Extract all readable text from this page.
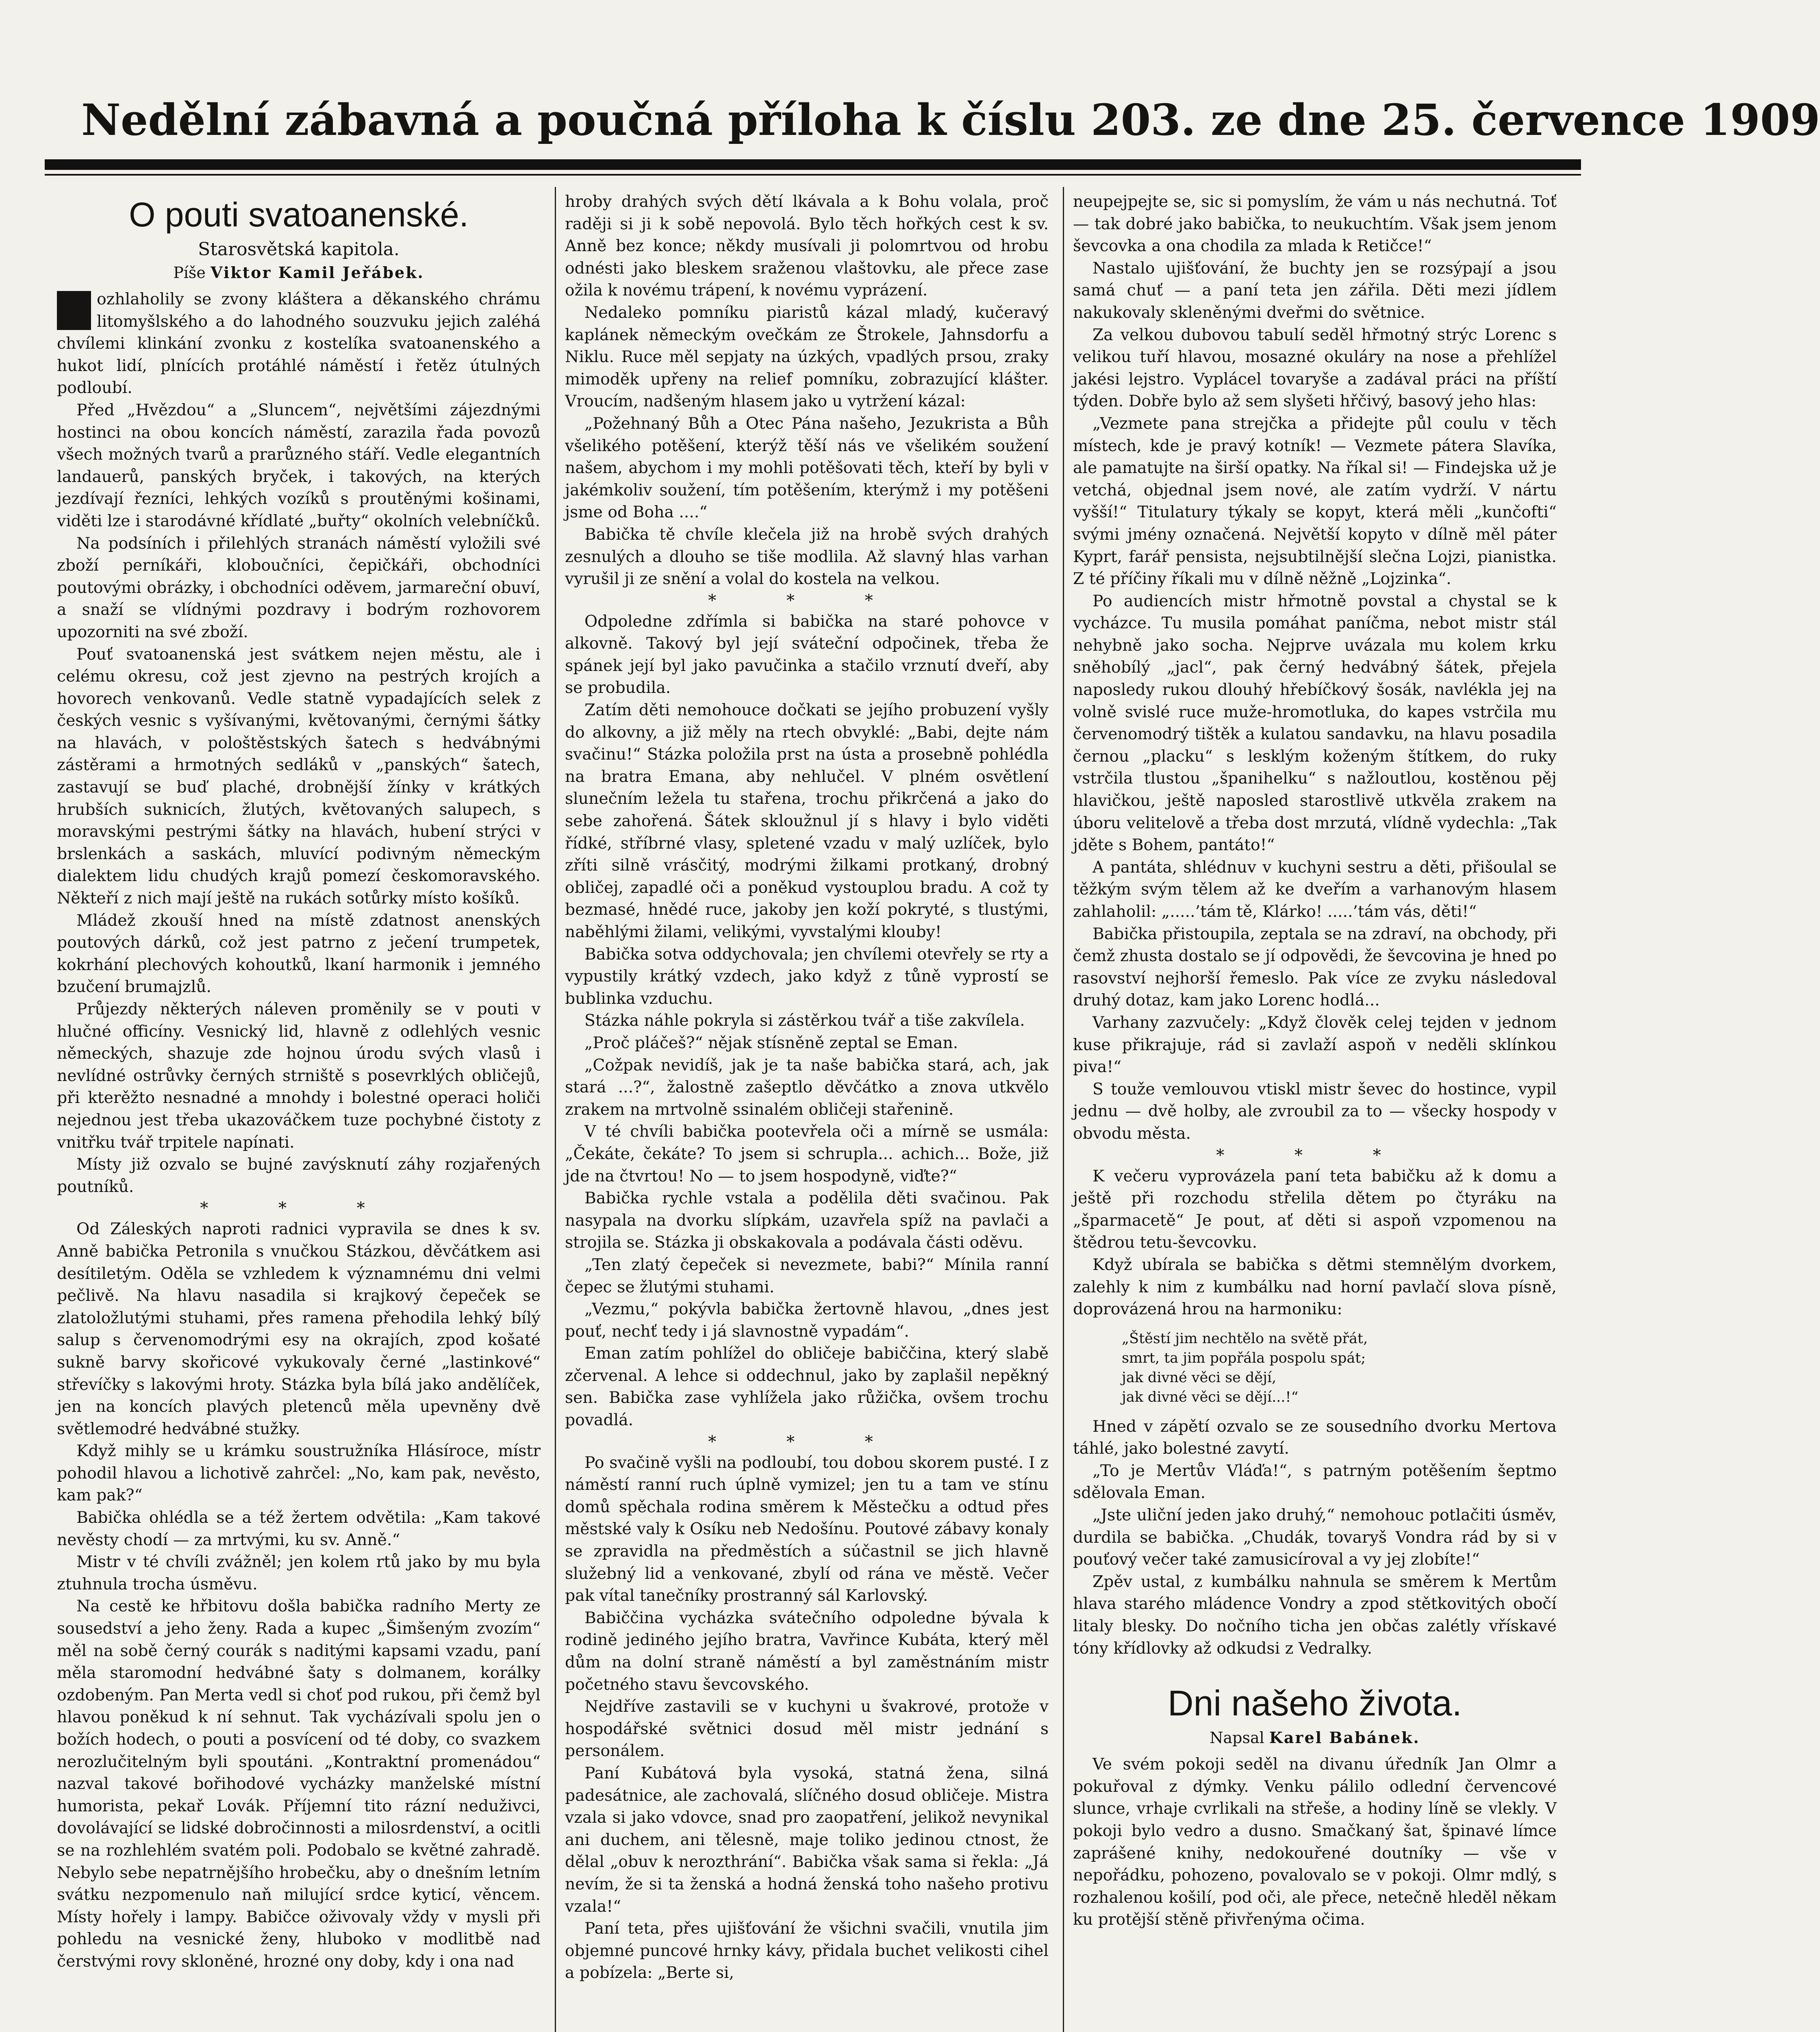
Nedělní zábavná a poučná příloha k číslu 203. ze dne 25. července 1909
O pouti svatoanenské.
Starosvětská kapitola.
Píše Viktor Kamil Jeřábek.

ozhlaholily se zvony kláštera a děkanského chrámu litomyšlského a do lahodného souzvuku jejich zaléhá chvílemi klinkání zvonku z kostelíka svatoanenského a hukot lidí, plnících protáhlé náměstí i řetěz útulných podloubí.

Před „Hvězdou“ a „Sluncem“, největšími zájezdnými hostinci na obou koncích náměstí, zarazila řada povozů všech možných tvarů a prarůzného stáří. Vedle elegantních landauerů, panských bryček, i takových, na kterých jezdívají řezníci, lehkých vozíků s proutěnými košinami, viděti lze i starodávné křídlaté „buřty“ okolních velebníčků.

Na podsíních i přilehlých stranách náměstí vyložili své zboží perníkáři, kloboučníci, čepičkáři, obchodníci poutovými obrázky, i obchodníci oděvem, jarmareční obuví, a snaží se vlídnými pozdravy i bodrým rozhovorem upozorniti na své zboží.

Pouť svatoanenská jest svátkem nejen městu, ale i celému okresu, což jest zjevno na pestrých krojích a hovorech venkovanů. Vedle statně vypadajících selek z českých vesnic s vyšívanými, květovanými, černými šátky na hlavách, v pološtěstských šatech s hedvábnými zástěrami a hrmotných sedláků v „panských“ šatech, zastavují se buď plaché, drobnější žínky v krátkých hrubších suknicích, žlutých, květovaných salupech, s moravskými pestrými šátky na hlavách, hubení strýci v brslenkách a saskách, mluvící podivným německým dialektem lidu chudých krajů pomezí českomoravského. Někteří z nich mají ještě na rukách sotůrky místo košíků.

Mládež zkouší hned na místě zdatnost anenských poutových dárků, což jest patrno z ječení trumpetek, kokrhání plechových kohoutků, lkaní harmonik i jemného bzučení brumajzlů.

Průjezdy některých náleven proměnily se v pouti v hlučné officíny. Vesnický lid, hlavně z odlehlých vesnic německých, shazuje zde hojnou úrodu svých vlasů i nevlídné ostrůvky černých strniště s posevrklých obličejů, při kterěžto nesnadné a mnohdy i bolestné operaci holiči nejednou jest třeba ukazováčkem tuze pochybné čistoty z vnitřku tvář trpitele napínati.

Místy již ozvalo se bujné zavýsknutí záhy rozjařených poutníků.

* * *

Od Záleských naproti radnici vypravila se dnes k sv. Anně babička Petronila s vnučkou Stázkou, děvčátkem asi desítiletým. Oděla se vzhledem k významnému dni velmi pečlivě. Na hlavu nasadila si krajkový čepeček se zlatoložlutými stuhami, přes ramena přehodila lehký bílý salup s červenomodrými esy na okrajích, zpod košaté sukně barvy skořicové vykukovaly černé „lastinkové“ střevíčky s lakovými hroty. Stázka byla bílá jako andělíček, jen na koncích plavých pletenců měla upevněny dvě světlemodré hedvábné stužky.

Když mihly se u krámku soustružníka Hlásíroce, místr pohodil hlavou a lichotivě zahrčel: „No, kam pak, nevěsto, kam pak?“

Babička ohlédla se a též žertem odvětila: „Kam takové nevěsty chodí — za mrtvými, ku sv. Anně.“

Mistr v té chvíli zvážněl; jen kolem rtů jako by mu byla ztuhnula trocha úsměvu.

Na cestě ke hřbitovu došla babička radního Merty ze sousedství a jeho ženy. Rada a kupec „Šimšeným zvozím“ měl na sobě černý courák s naditými kapsami vzadu, paní měla staromodní hedvábné šaty s dolmanem, korálky ozdobeným. Pan Merta vedl si choť pod rukou, při čemž byl hlavou poněkud k ní sehnut. Tak vycházívali spolu jen o božích hodech, o pouti a posvícení od té doby, co svazkem nerozlučitelným byli spoutáni. „Kontraktní promenádou“ nazval takové bořihodové vycházky manželské místní humorista, pekař Lovák. Příjemní tito rázní neduživci, dovolávající se lidské dobročinnosti a milosrdenství, a ocitli se na rozhlehlém svatém poli. Podobalo se květné zahradě. Nebylo sebe nepatrnějšího hrobečku, aby o dnešním letním svátku nezpomenulo naň milující srdce kyticí, věncem. Místy hořely i lampy. Babičce oživovaly vždy v mysli při pohledu na vesnické ženy, hluboko v modlitbě nad čerstvými rovy skloněné, hrozné ony doby, kdy i ona nad

hroby drahých svých dětí lkávala a k Bohu volala, proč raději si ji k sobě nepovolá. Bylo těch hořkých cest k sv. Anně bez konce; někdy musívali ji polomrtvou od hrobu odnésti jako bleskem sraženou vlaštovku, ale přece zase ožila k novému trápení, k novému vyprázení.

Nedaleko pomníku piaristů kázal mladý, kučeravý kaplánek německým ovečkám ze Štrokele, Jahnsdorfu a Niklu. Ruce měl sepjaty na úzkých, vpadlých prsou, zraky mimoděk upřeny na relief pomníku, zobrazující klášter. Vroucím, nadšeným hlasem jako u vytržení kázal:

„Požehnaný Bůh a Otec Pána našeho, Jezukrista a Bůh všelikého potěšení, kterýž těší nás ve všelikém soužení našem, abychom i my mohli potěšovati těch, kteří by byli v jakémkoliv soužení, tím potěšením, kterýmž i my potěšeni jsme od Boha ....“

Babička tě chvíle klečela již na hrobě svých drahých zesnulých a dlouho se tiše modlila. Až slavný hlas varhan vyrušil ji ze snění a volal do kostela na velkou.

* * *

Odpoledne zdřímla si babička na staré pohovce v alkovně. Takový byl její sváteční odpočinek, třeba že spánek její byl jako pavučinka a stačilo vrznutí dveří, aby se probudila.

Zatím děti nemohouce dočkati se jejího probuzení vyšly do alkovny, a již měly na rtech obvyklé: „Babi, dejte nám svačinu!“ Stázka položila prst na ústa a prosebně pohlédla na bratra Emana, aby nehlučel. V plném osvětlení slunečním ležela tu stařena, trochu přikrčená a jako do sebe zahořená. Šátek skloužnul jí s hlavy i bylo viděti řídké, stříbrné vlasy, spletené vzadu v malý uzlíček, bylo zříti silně vrásčitý, modrými žilkami protkaný, drobný obličej, zapadlé oči a poněkud vystouplou bradu. A což ty bezmasé, hnědé ruce, jakoby jen koží pokryté, s tlustými, naběhlými žilami, velikými, vyvstalými klouby!

Babička sotva oddychovala; jen chvílemi otevřely se rty a vypustily krátký vzdech, jako když z tůně vyprostí se bublinka vzduchu.

Stázka náhle pokryla si zástěrkou tvář a tiše zakvílela.

„Proč pláčeš?“ nějak stísněně zeptal se Eman.

„Cožpak nevidíš, jak je ta naše babička stará, ach, jak stará ...?“, žalostně zašeptlo děvčátko a znova utkvělo zrakem na mrtvolně ssinalém obličeji stařenině.

V té chvíli babička pootevřela oči a mírně se usmála: „Čekáte, čekáte? To jsem si schrupla... achich... Bože, již jde na čtvrtou! No — to jsem hospodyně, viďte?“

Babička rychle vstala a podělila děti svačinou. Pak nasypala na dvorku slípkám, uzavřela spíž na pavlači a strojila se. Stázka ji obskakovala a podávala části oděvu.

„Ten zlatý čepeček si nevezmete, babi?“ Mínila ranní čepec se žlutými stuhami.

„Vezmu,“ pokývla babička žertovně hlavou, „dnes jest pouť, nechť tedy i já slavnostně vypadám“.

Eman zatím pohlížel do obličeje babiččina, který slabě zčervenal. A lehce si oddechnul, jako by zaplašil nepěkný sen. Babička zase vyhlížela jako růžička, ovšem trochu povadlá.

* * *

Po svačině vyšli na podloubí, tou dobou skorem pusté. I z náměstí ranní ruch úplně vymizel; jen tu a tam ve stínu domů spěchala rodina směrem k Městečku a odtud přes městské valy k Osíku neb Nedošínu. Poutové zábavy konaly se zpravidla na předměstích a súčastnil se jich hlavně služebný lid a venkované, zbylí od rána ve městě. Večer pak vítal tanečníky prostranný sál Karlovský.

Babiččina vycházka svátečního odpoledne bývala k rodině jediného jejího bratra, Vavřince Kubáta, který měl dům na dolní straně náměstí a byl zaměstnáním mistr početného stavu ševcovského.

Nejdříve zastavili se v kuchyni u švakrové, protože v hospodářské světnici dosud měl mistr jednání s personálem.

Paní Kubátová byla vysoká, statná žena, silná padesátnice, ale zachovalá, slíčného dosud obličeje. Mistra vzala si jako vdovce, snad pro zaopatření, jelikož nevynikal ani duchem, ani tělesně, maje toliko jedinou ctnost, že dělal „obuv k nerozthrání“. Babička však sama si řekla: „Já nevím, že si ta ženská a hodná ženská toho našeho protivu vzala!“

Paní teta, přes ujišťování že všichni svačili, vnutila jim objemné puncové hrnky kávy, přidala buchet velikosti cihel a pobízela: „Berte si,

neupejpejte se, sic si pomyslím, že vám u nás nechutná. Toť — tak dobré jako babička, to neukuchtím. Však jsem jenom ševcovka a ona chodila za mlada k Retičce!“

Nastalo ujišťování, že buchty jen se rozsýpají a jsou samá chuť — a paní teta jen zářila. Děti mezi jídlem nakukovaly skleněnými dveřmi do světnice.

Za velkou dubovou tabulí seděl hřmotný strýc Lorenc s velikou tuří hlavou, mosazné okuláry na nose a přehlížel jakési lejstro. Vyplácel tovaryše a zadával práci na příští týden. Dobře bylo až sem slyšeti hřčivý, basový jeho hlas:

„Vezmete pana strejčka a přidejte půl coulu v těch místech, kde je pravý kotník! — Vezmete pátera Slavíka, ale pamatujte na širší opatky. Na říkal si! — Findejska už je vetchá, objednal jsem nové, ale zatím vydrží. V nártu vyšší!“ Titulatury týkaly se kopyt, která měli „kunčofti“ svými jmény označená. Největší kopyto v dílně měl páter Kyprt, farář pensista, nejsubtilnější slečna Lojzi, pianistka. Z té příčiny říkali mu v dílně něžně „Lojzinka“.

Po audiencích mistr hřmotně povstal a chystal se k vycházce. Tu musila pomáhat paníčma, nebot mistr stál nehybně jako socha. Nejprve uvázala mu kolem krku sněhobílý „jacl“, pak černý hedvábný šátek, přejela naposledy rukou dlouhý hřebíčkový šosák, navlékla jej na volně svislé ruce muže-hromotluka, do kapes vstrčila mu červenomodrý tištěk a kulatou sandavku, na hlavu posadila černou „placku“ s lesklým koženým štítkem, do ruky vstrčila tlustou „španihelku“ s nažloutlou, kostěnou pěj hlavičkou, ještě naposled starostlivě utkvěla zrakem na úboru velitelově a třeba dost mrzutá, vlídně vydechla: „Tak jděte s Bohem, pantáto!“

A pantáta, shlédnuv v kuchyni sestru a děti, přišoulal se těžkým svým tělem až ke dveřím a varhanovým hlasem zahlaholil: „.....’tám tě, Klárko! .....’tám vás, děti!“

Babička přistoupila, zeptala se na zdraví, na obchody, při čemž zhusta dostalo se jí odpovědi, že ševcovina je hned po rasovství nejhorší řemeslo. Pak více ze zvyku následoval druhý dotaz, kam jako Lorenc hodlá...

Varhany zazvučely: „Když člověk celej tejden v jednom kuse přikrajuje, rád si zavlaží aspoň v neděli sklínkou piva!“

S touže vemlouvou vtiskl mistr ševec do hostince, vypil jednu — dvě holby, ale zvroubil za to — všecky hospody v obvodu města.

* * *

K večeru vyprovázela paní teta babičku až k domu a ještě při rozchodu střelila dětem po čtyráku na „šparmacetě“ Je pout, ať děti si aspoň vzpomenou na štědrou tetu-ševcovku.

Když ubírala se babička s dětmi stemnělým dvorkem, zalehly k nim z kumbálku nad horní pavlačí slova písně, doprovázená hrou na harmoniku:

„Štěstí jim nechtělo na světě přát,
smrt, ta jim popřála pospolu spát;
jak divné věci se dějí,
jak divné věci se dějí...!“

Hned v zápětí ozvalo se ze sousedního dvorku Mertova táhlé, jako bolestné zavytí.

„To je Mertův Vláďa!“, s patrným potěšením šeptmo sdělovala Eman.

„Jste uliční jeden jako druhý,“ nemohouc potlačiti úsměv, durdila se babička. „Chudák, tovaryš Vondra rád by si v pouťový večer také zamusicíroval a vy jej zlobíte!“

Zpěv ustal, z kumbálku nahnula se směrem k Mertům hlava starého mládence Vondry a zpod stětkovitých obočí litaly blesky. Do nočního ticha jen občas zalétly vřískavé tóny křídlovky až odkudsi z Vedralky.

Dni našeho života.
Napsal Karel Babánek.

Ve svém pokoji seděl na divanu úředník Jan Olmr a pokuřoval z dýmky. Venku pálilo odlední červencové slunce, vrhaje cvrlikali na střeše, a hodiny líně se vlekly. V pokoji bylo vedro a dusno. Smačkaný šat, špinavé límce zaprášené knihy, nedokouřené doutníky — vše v nepořádku, pohozeno, povalovalo se v pokoji. Olmr mdlý, s rozhalenou košilí, pod oči, ale přece, netečně hleděl někam ku protější stěně přivřenýma očima.
